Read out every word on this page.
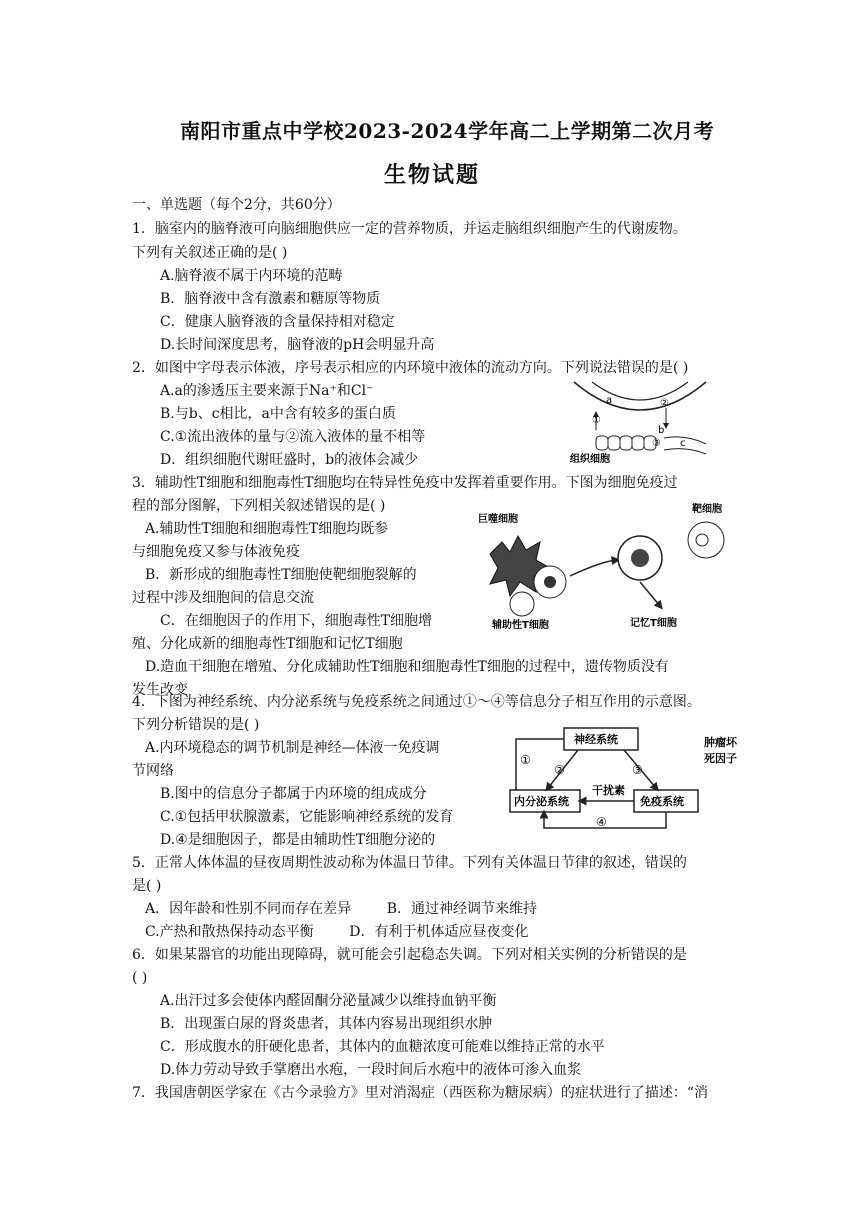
南阳市重点中学校2023-2024学年高二上学期第二次月考
生物试题
一、单选题（每个2分，共60分）
1．脑室内的脑脊液可向脑细胞供应一定的营养物质，并运走脑组织细胞产生的代谢废物。
下列有关叙述正确的是( )
A.脑脊液不属于内环境的范畴
B．脑脊液中含有激素和糖原等物质
C．健康人脑脊液的含量保持相对稳定
D.长时间深度思考，脑脊液的pH会明显升高
2．如图中字母表示体液，序号表示相应的内环境中液体的流动方向。下列说法错误的是( )
A.a的渗透压主要来源于Na⁺和Cl⁻
B.与b、c相比，a中含有较多的蛋白质
C.①流出液体的量与②流入液体的量不相等
D．组织细胞代谢旺盛时，b的液体会减少
a
b
c
①
②
③
组织细胞
3．辅助性T细胞和细胞毒性T细胞均在特异性免疫中发挥着重要作用。下图为细胞免疫过
程的部分图解，下列相关叙述错误的是( )
A.辅助性T细胞和细胞毒性T细胞均既参
与细胞免疫又参与体液免疫
B．新形成的细胞毒性T细胞使靶细胞裂解的
过程中涉及细胞间的信息交流
C．在细胞因子的作用下，细胞毒性T细胞增
殖、分化成新的细胞毒性T细胞和记忆T细胞
D.造血干细胞在增殖、分化成辅助性T细胞和细胞毒性T细胞的过程中，遗传物质没有
发生改变
巨噬细胞
辅助性T细胞
靶细胞
记忆T细胞
4．下图为神经系统、内分泌系统与免疫系统之间通过①～④等信息分子相互作用的示意图。
下列分析错误的是( )
A.内环境稳态的调节机制是神经—体液一免疫调
节网络
B.图中的信息分子都属于内环境的组成成分
C.①包括甲状腺激素，它能影响神经系统的发育
D.④是细胞因子，都是由辅助性T细胞分泌的
神经系统
内分泌系统	免疫系统
①
②	③
④
干扰素
肿瘤坏
死因子
5．正常人体体温的昼夜周期性波动称为体温日节律。下列有关体温日节律的叙述，错误的
是( )
A．因年龄和性别不同而存在差异        B．通过神经调节来维持
C.产热和散热保持动态平衡        D．有利于机体适应昼夜变化
6．如果某器官的功能出现障碍，就可能会引起稳态失调。下列对相关实例的分析错误的是
( )
A.出汗过多会使体内醛固酮分泌量减少以维持血钠平衡
B．出现蛋白尿的肾炎患者，其体内容易出现组织水肿
C．形成腹水的肝硬化患者，其体内的血糖浓度可能难以维持正常的水平
D.体力劳动导致手掌磨出水疱，一段时间后水疱中的液体可渗入血浆
7．我国唐朝医学家在《古今录验方》里对消渴症（西医称为糖尿病）的症状进行了描述：“消
